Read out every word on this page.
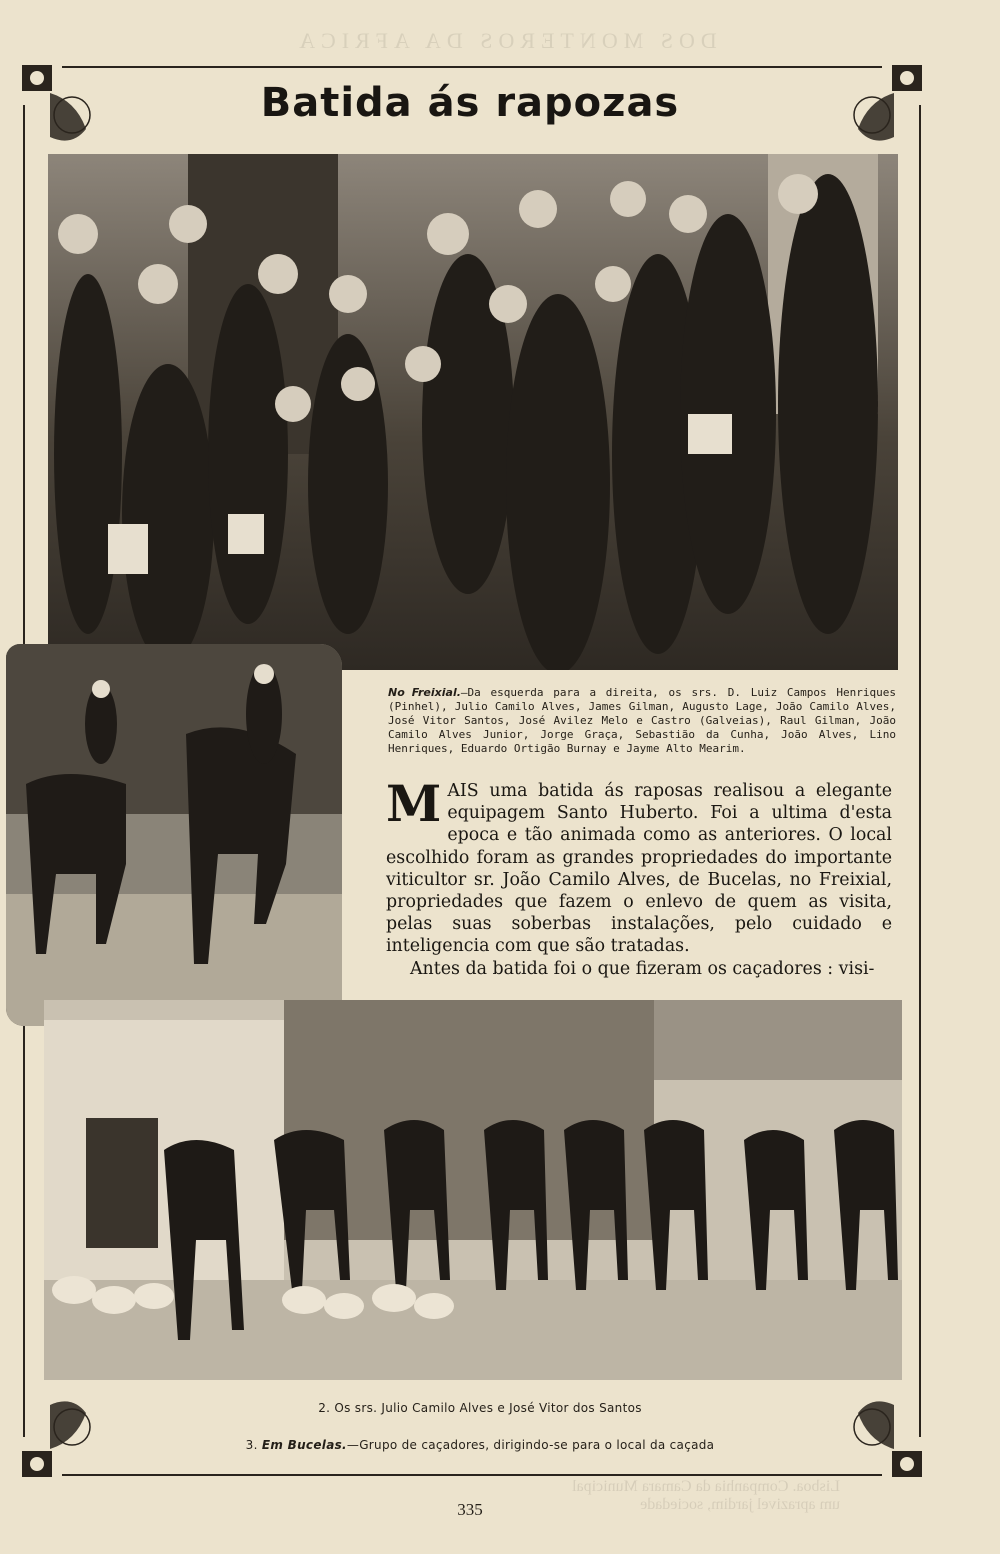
DOS MONTEROS DA AFRICA
Batida ás rapozas

No Freixial.—Da esquerda para a direita, os srs. D. Luiz Campos Henriques (Pinhel), Julio Camilo Alves, James Gilman, Augusto Lage, João Camilo Alves, José Vitor Santos, José Avilez Melo e Castro (Galveias), Raul Gilman, João Camilo Alves Junior, Jorge Graça, Sebastião da Cunha, João Alves, Lino Henriques, Eduardo Ortigão Burnay e Jayme Alto Mearim.

MAIS uma batida ás raposas realisou a elegante equipagem Santo Huberto. Foi a ultima d'esta epoca e tão animada como as anteriores. O local escolhido foram as grandes propriedades do importante viticultor sr. João Camilo Alves, de Bucelas, no Freixial, propriedades que fazem o enlevo de quem as visita, pelas suas soberbas instalações, pelo cuidado e inteligencia com que são tratadas.
Antes da batida foi o que fizeram os caçadores : visi-

2. Os srs. Julio Camilo Alves e José Vitor dos Santos

3. Em Bucelas.—Grupo de caçadores, dirigindo-se para o local da caçada

Lisboa. Companhia da Camara Municipal
um aprazivel jardim, sociedade
335
